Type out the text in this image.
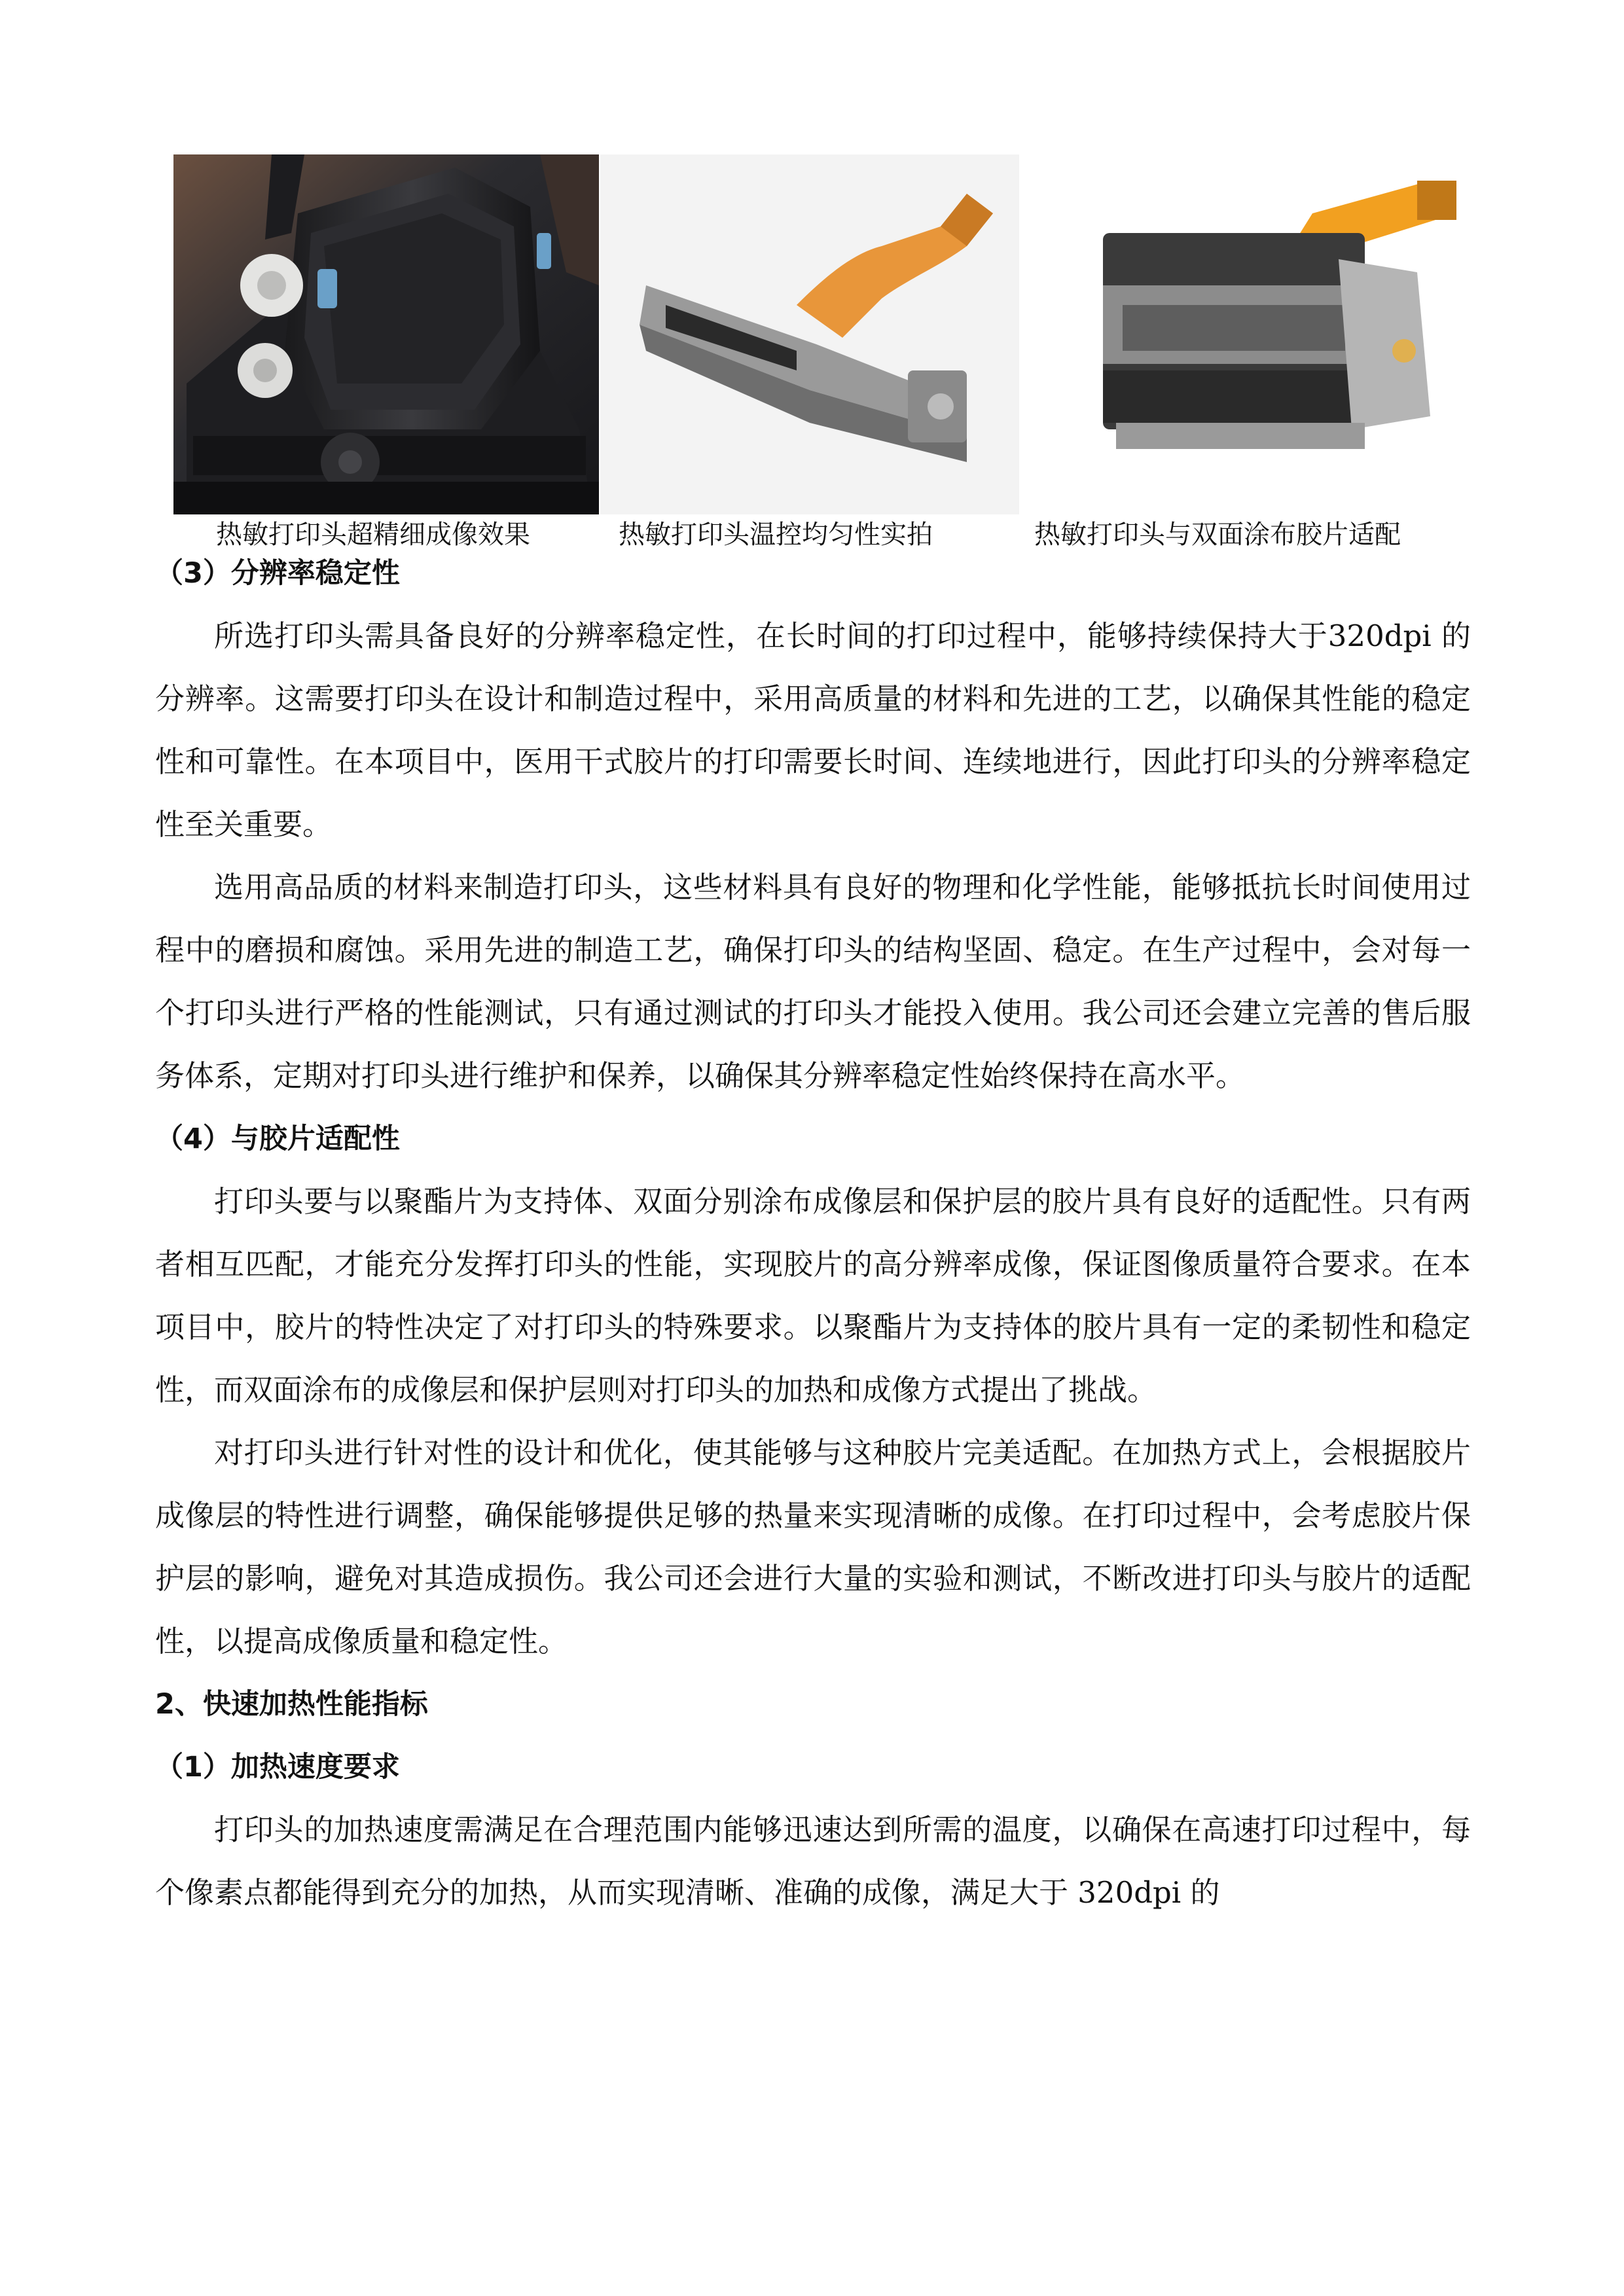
热敏打印头超精细成像效果	热敏打印头温控均匀性实拍	热敏打印头与双面涂布胶片适配
（3）分辨率稳定性

所选打印头需具备良好的分辨率稳定性，在长时间的打印过程中，能够持续保持大于320dpi 的分辨率。这需要打印头在设计和制造过程中，采用高质量的材料和先进的工艺，以确保其性能的稳定性和可靠性。在本项目中，医用干式胶片的打印需要长时间、连续地进行，因此打印头的分辨率稳定性至关重要。

选用高品质的材料来制造打印头，这些材料具有良好的物理和化学性能，能够抵抗长时间使用过程中的磨损和腐蚀。采用先进的制造工艺，确保打印头的结构坚固、稳定。在生产过程中，会对每一个打印头进行严格的性能测试，只有通过测试的打印头才能投入使用。我公司还会建立完善的售后服务体系，定期对打印头进行维护和保养，以确保其分辨率稳定性始终保持在高水平。

（4）与胶片适配性

打印头要与以聚酯片为支持体、双面分别涂布成像层和保护层的胶片具有良好的适配性。只有两者相互匹配，才能充分发挥打印头的性能，实现胶片的高分辨率成像，保证图像质量符合要求。在本项目中，胶片的特性决定了对打印头的特殊要求。以聚酯片为支持体的胶片具有一定的柔韧性和稳定性，而双面涂布的成像层和保护层则对打印头的加热和成像方式提出了挑战。

对打印头进行针对性的设计和优化，使其能够与这种胶片完美适配。在加热方式上，会根据胶片成像层的特性进行调整，确保能够提供足够的热量来实现清晰的成像。在打印过程中，会考虑胶片保护层的影响，避免对其造成损伤。我公司还会进行大量的实验和测试，不断改进打印头与胶片的适配性，以提高成像质量和稳定性。

2、快速加热性能指标
（1）加热速度要求

打印头的加热速度需满足在合理范围内能够迅速达到所需的温度，以确保在高速打印过程中，每个像素点都能得到充分的加热，从而实现清晰、准确的成像，满足大于 320dpi 的
